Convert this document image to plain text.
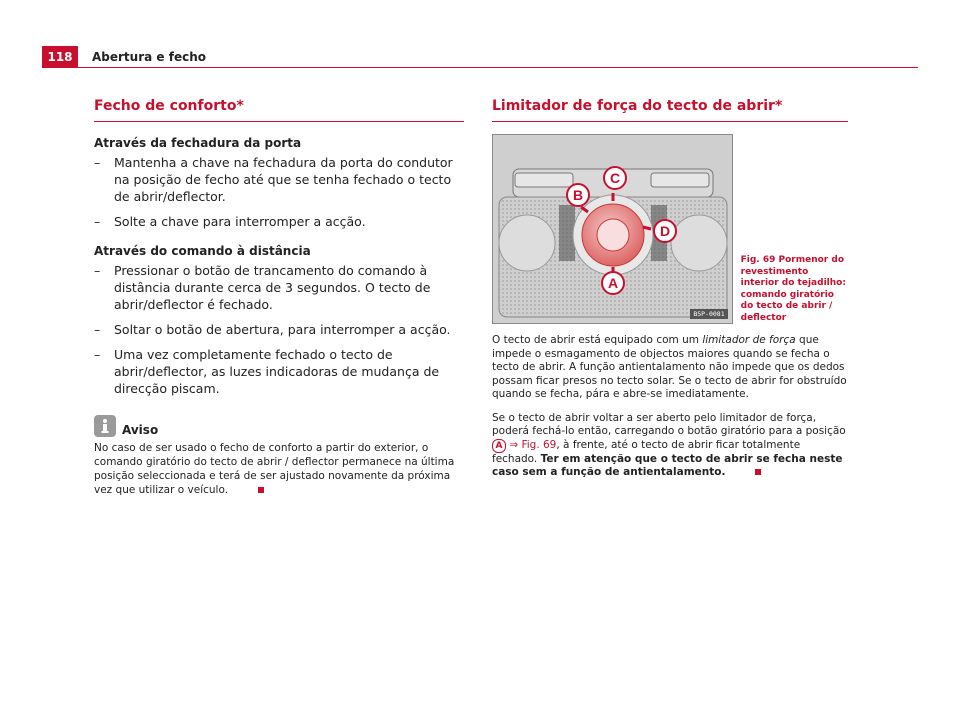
118	Abertura e fecho
Fecho de conforto*
Através da fechadura da porta
–	Mantenha a chave na fechadura da porta do condutor na posição de fecho até que se tenha fechado o tecto de abrir/deflector.
–	Solte a chave para interromper a acção.
Através do comando à distância
–	Pressionar o botão de trancamento do comando à distância durante cerca de 3 segundos. O tecto de abrir/deflector é fechado.
–	Soltar o botão de abertura, para interromper a acção.
–	Uma vez completamente fechado o tecto de abrir/deflector, as luzes indicadoras de mudança de direcção piscam.
Aviso
No caso de ser usado o fecho de conforto a partir do exterior, o comando giratório do tecto de abrir / deflector permanece na última posição seleccionada e terá de ser ajustado novamente da próxima vez que utilizar o veículo.
Limitador de força do tecto de abrir*
B
C
D
A
B5P-0081
Fig. 69 Pormenor do revestimento interior do tejadilho: comando giratório do tecto de abrir / deflector

O tecto de abrir está equipado com um limitador de força que impede o esmagamento de objectos maiores quando se fecha o tecto de abrir. A função antientalamento não impede que os dedos possam ficar presos no tecto solar. Se o tecto de abrir for obstruído quando se fecha, pára e abre-se imediatamente.

Se o tecto de abrir voltar a ser aberto pelo limitador de força, poderá fechá-lo então, carregando o botão giratório para a posição A ⇒ Fig. 69, à frente, até o tecto de abrir ficar totalmente fechado. Ter em atenção que o tecto de abrir se fecha neste caso sem a função de antientalamento.
